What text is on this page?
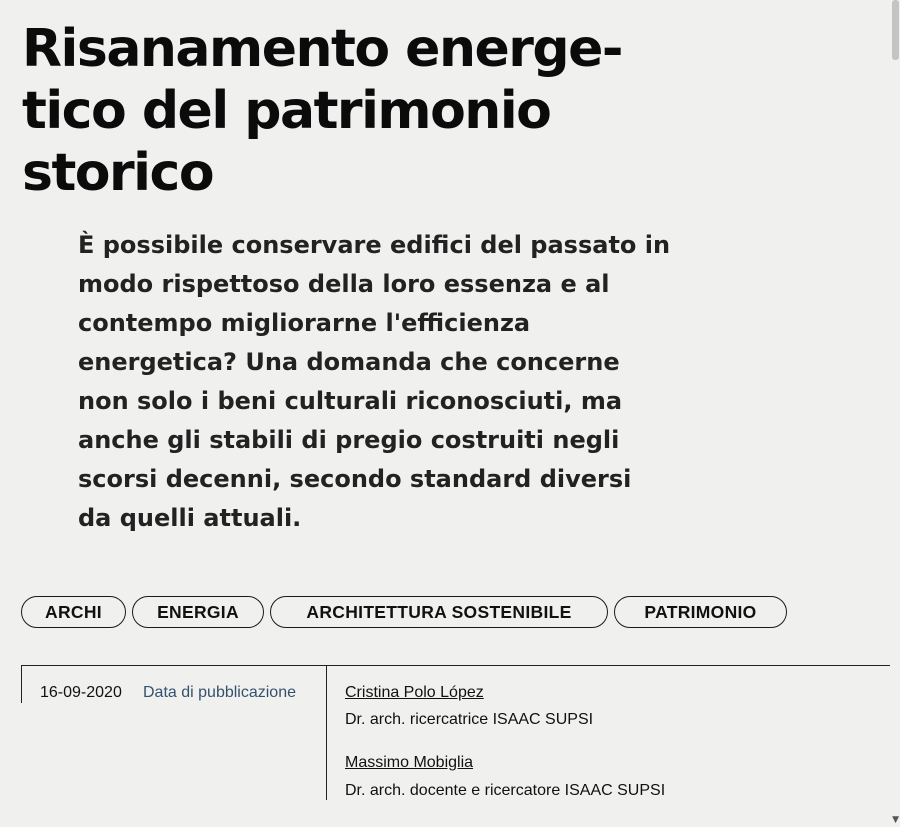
Risanamento energe-
tico del patrimonio
storico

È possibile conservare edifici del passato in
modo rispettoso della loro essenza e al
contempo migliorarne l'efficienza
energetica? Una domanda che concerne
non solo i beni culturali riconosciuti, ma
anche gli stabili di pregio costruiti negli
scorsi decenni, secondo standard diversi
da quelli attuali.

ARCHI	ENERGIA	ARCHITETTURA SOSTENIBILE	PATRIMONIO
16-09-2020 Data di pubblicazione	Cristina Polo López
Dr. arch. ricercatrice ISAAC SUPSI
Massimo Mobiglia
Dr. arch. docente e ricercatore ISAAC SUPSI
▼
